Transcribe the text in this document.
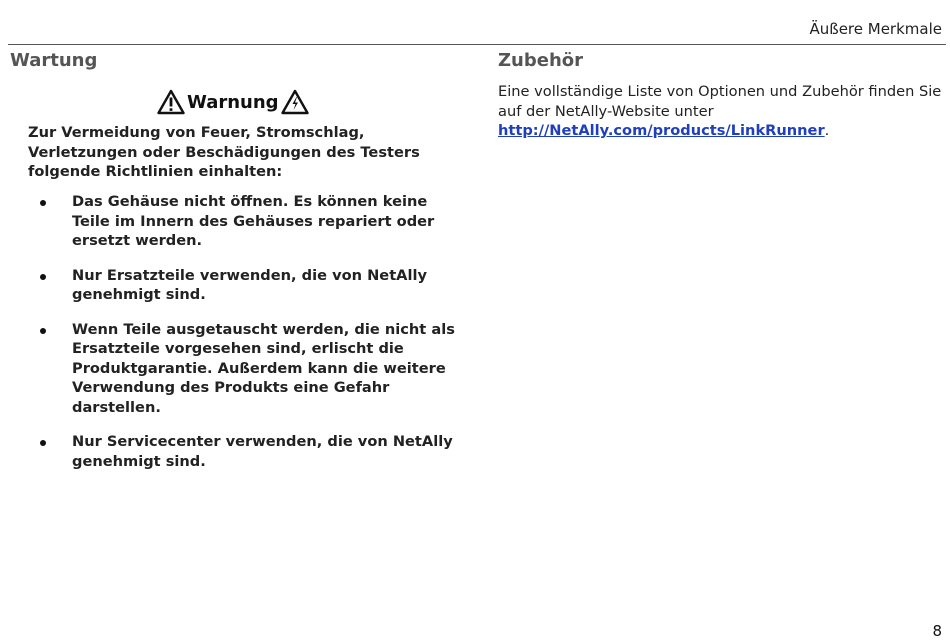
Äußere Merkmale
Wartung
Warnung

Zur Vermeidung von Feuer, Stromschlag, Verletzungen oder Beschädigungen des Testers folgende Richtlinien einhalten:

Das Gehäuse nicht öffnen. Es können keine Teile im Innern des Gehäuses repariert oder ersetzt werden.
Nur Ersatzteile verwenden, die von NetAlly genehmigt sind.
Wenn Teile ausgetauscht werden, die nicht als Ersatzteile vorgesehen sind, erlischt die Produktgarantie. Außerdem kann die weitere Verwendung des Produkts eine Gefahr darstellen.
Nur Servicecenter verwenden, die von NetAlly genehmigt sind.
Zubehör

Eine vollständige Liste von Optionen und Zubehör finden Sie auf der NetAlly-Website unter http://NetAlly.com/products/LinkRunner.

8
